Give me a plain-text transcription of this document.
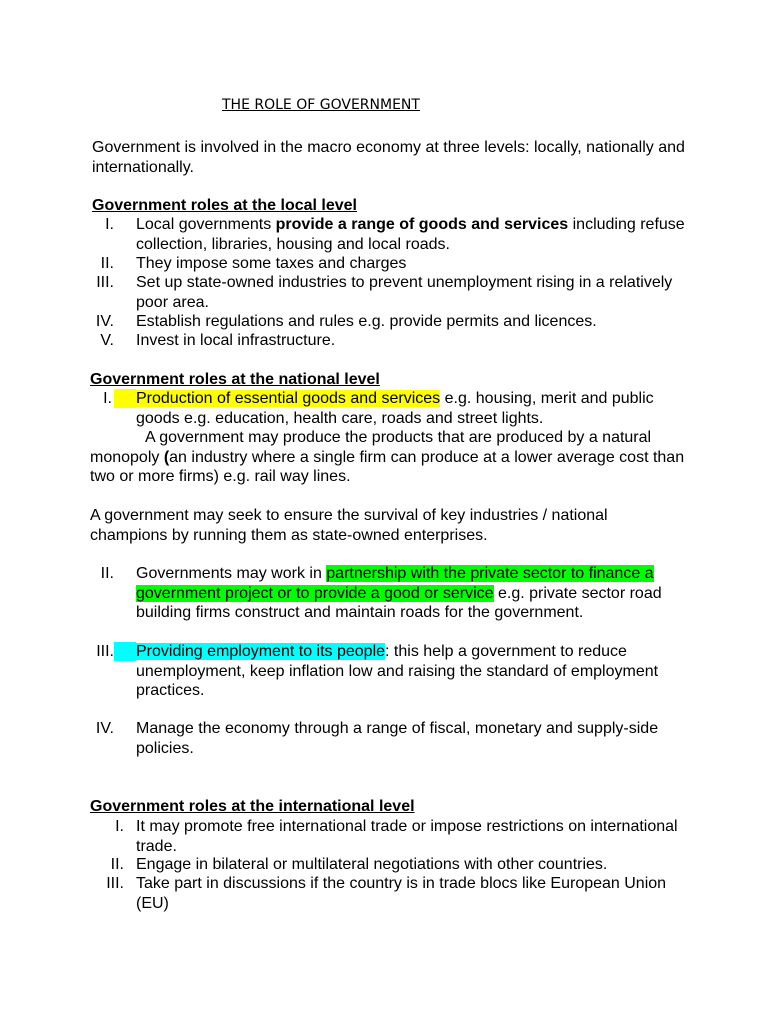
THE ROLE OF GOVERNMENT
Government is involved in the macro economy at three levels: locally, nationally and internationally.
Government roles at the local level
I. Local governments provide a range of goods and services including refuse collection, libraries, housing and local roads.
II. They impose some taxes and charges
III. Set up state-owned industries to prevent unemployment rising in a relatively poor area.
IV. Establish regulations and rules e.g. provide permits and licences.
V. Invest in local infrastructure.
Government roles at the national level
I. Production of essential goods and services e.g. housing, merit and public goods e.g. education, health care, roads and street lights.
A government may produce the products that are produced by a natural monopoly (an industry where a single firm can produce at a lower average cost than two or more firms) e.g. rail way lines.
A government may seek to ensure the survival of key industries / national champions by running them as state-owned enterprises.
II. Governments may work in partnership with the private sector to finance a government project or to provide a good or service e.g. private sector road building firms construct and maintain roads for the government.
III. Providing employment to its people: this help a government to reduce unemployment, keep inflation low and raising the standard of employment practices.
IV. Manage the economy through a range of fiscal, monetary and supply-side policies.
Government roles at the international level
I. It may promote free international trade or impose restrictions on international trade.
II. Engage in bilateral or multilateral negotiations with other countries.
III. Take part in discussions if the country is in trade blocs like European Union (EU)
